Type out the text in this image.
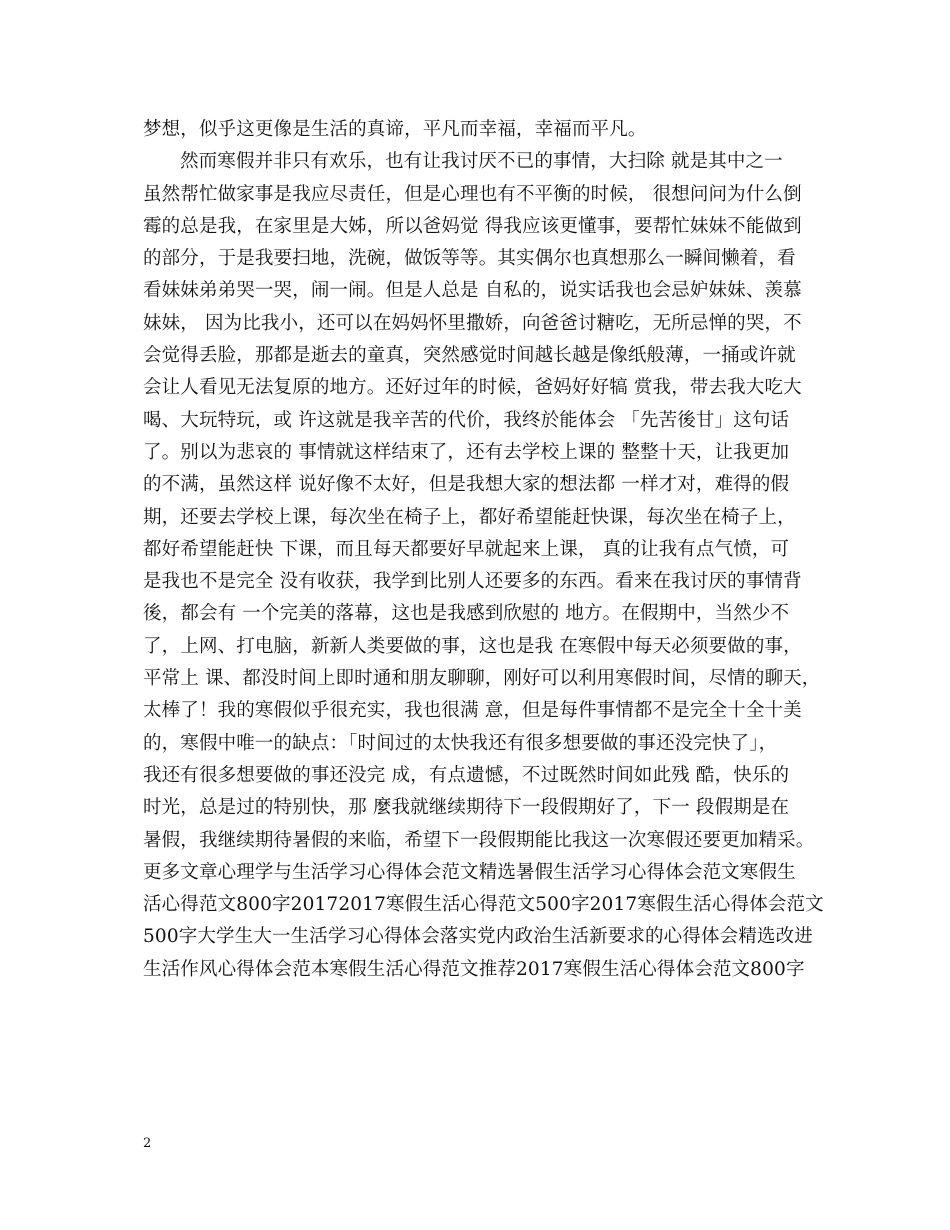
梦想，似乎这更像是生活的真谛，平凡而幸福，幸福而平凡。
然而寒假并非只有欢乐，也有让我讨厌不已的事情，大扫除 就是其中之一
虽然帮忙做家事是我应尽责任，但是心理也有不平衡的时候， 很想问问为什么倒
霉的总是我，在家里是大姊，所以爸妈觉 得我应该更懂事，要帮忙妹妹不能做到
的部分，于是我要扫地，洗碗，做饭等等。其实偶尔也真想那么一瞬间懒着，看
看妹妹弟弟哭一哭，闹一闹。但是人总是 自私的，说实话我也会忌妒妹妹、羡慕
妹妹， 因为比我小，还可以在妈妈怀里撒娇，向爸爸讨糖吃，无所忌惮的哭，不
会觉得丢脸，那都是逝去的童真，突然感觉时间越长越是像纸般薄，一捅或许就
会让人看见无法复原的地方。还好过年的时候，爸妈好好犒 赏我，带去我大吃大
喝、大玩特玩，或 许这就是我辛苦的代价，我终於能体会 「先苦後甘」这句话
了。别以为悲哀的 事情就这样结束了，还有去学校上课的 整整十天，让我更加
的不满，虽然这样 说好像不太好，但是我想大家的想法都 一样才对，难得的假
期，还要去学校上课，每次坐在椅子上，都好希望能赶快课，每次坐在椅子上，
都好希望能赶快 下课，而且每天都要好早就起来上课， 真的让我有点气愤，可
是我也不是完全 没有收获，我学到比别人还要多的东西。看来在我讨厌的事情背
後，都会有 一个完美的落幕，这也是我感到欣慰的 地方。在假期中，当然少不
了，上网、打电脑，新新人类要做的事，这也是我 在寒假中每天必须要做的事，
平常上 课、都没时间上即时通和朋友聊聊，刚好可以利用寒假时间，尽情的聊天，
太棒了！我的寒假似乎很充实，我也很满 意，但是每件事情都不是完全十全十美
的，寒假中唯一的缺点：「时间过的太快我还有很多想要做的事还没完快了」，
我还有很多想要做的事还没完 成，有点遗憾，不过既然时间如此残 酷，快乐的
时光，总是过的特别快，那 麼我就继续期待下一段假期好了，下一 段假期是在
暑假，我继续期待暑假的来临，希望下一段假期能比我这一次寒假还要更加精采。
更多文章心理学与生活学习心得体会范文精选暑假生活学习心得体会范文寒假生
活心得范文800字20172017寒假生活心得范文500字2017寒假生活心得体会范文
500字大学生大一生活学习心得体会落实党内政治生活新要求的心得体会精选改进
生活作风心得体会范本寒假生活心得范文推荐2017寒假生活心得体会范文800字
2
